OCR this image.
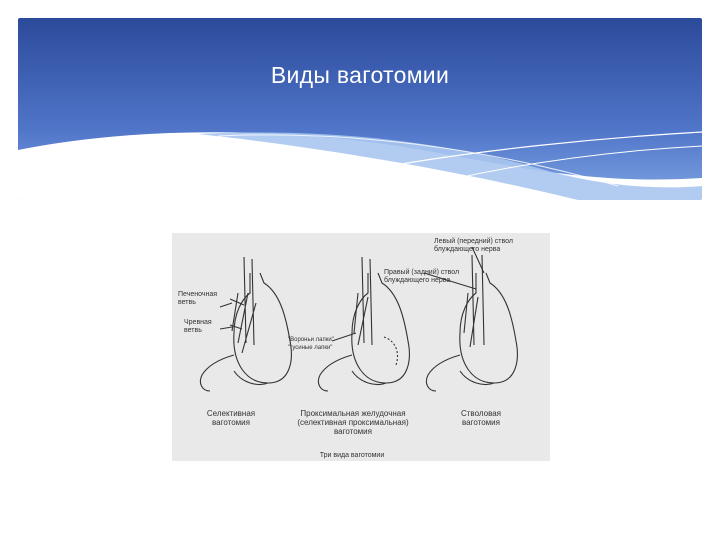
Виды ваготомии
Печеночная
ветвь
Чревная
ветвь
"Вороньи лапки"
"гусиные лапки"
Правый (задний) ствол
блуждающего нерва
Левый (передний) ствол
блуждающего нерва
Селективная
ваготомия
Проксимальная желудочная
(селективная проксимальная)
ваготомия
Стволовая
ваготомия
Три вида ваготомии
